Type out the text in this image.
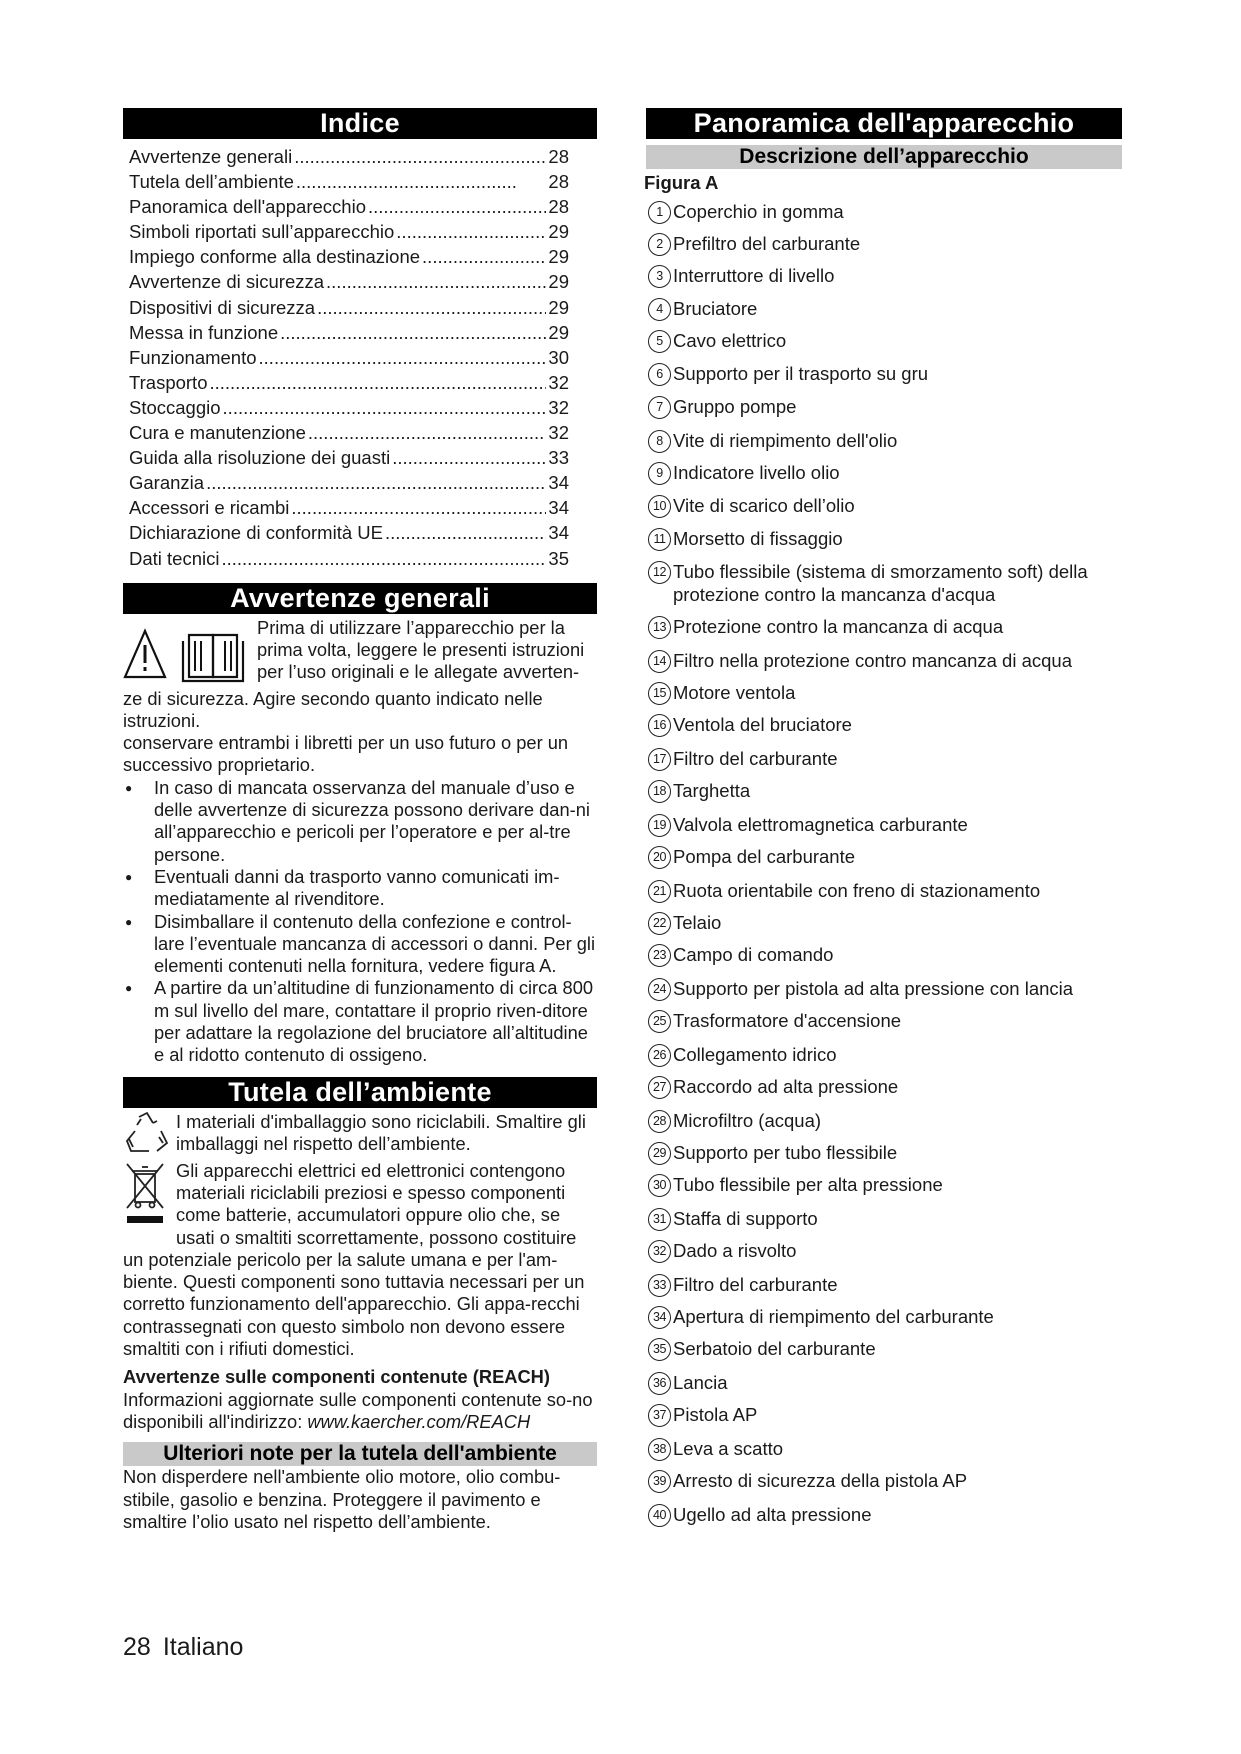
Indice
Avvertenze generali .....	28
Tutela dell’ambiente .....	28
Panoramica dell'apparecchio .....	28
Simboli riportati sull’apparecchio .....	29
Impiego conforme alla destinazione .....	29
Avvertenze di sicurezza .....	29
Dispositivi di sicurezza .....	29
Messa in funzione .....	29
Funzionamento .....	30
Trasporto .....	32
Stoccaggio .....	32
Cura e manutenzione .....	32
Guida alla risoluzione dei guasti .....	33
Garanzia .....	34
Accessori e ricambi .....	34
Dichiarazione di conformità UE .....	34
Dati tecnici .....	35
Avvertenze generali

Prima di utilizzare l’apparecchio per la

prima volta, leggere le presenti istruzioni

per l’uso originali e le allegate avverten-

ze di sicurezza. Agire secondo quanto indicato nelle istruzioni.

conservare entrambi i libretti per un uso futuro o per un successivo proprietario.

● In caso di mancata osservanza del manuale d’uso e delle avvertenze di sicurezza possono derivare dan-ni all’apparecchio e pericoli per l’operatore e per al-tre persone.
● Eventuali danni da trasporto vanno comunicati im-mediatamente al rivenditore.
● Disimballare il contenuto della confezione e control-lare l’eventuale mancanza di accessori o danni. Per gli elementi contenuti nella fornitura, vedere figura A.
● A partire da un’altitudine di funzionamento di circa 800 m sul livello del mare, contattare il proprio riven-ditore per adattare la regolazione del bruciatore all’altitudine e al ridotto contenuto di ossigeno.
Tutela dell’ambiente

I materiali d'imballaggio sono riciclabili. Smaltire gli imballaggi nel rispetto dell’ambiente.

Gli apparecchi elettrici ed elettronici contengono

materiali riciclabili preziosi e spesso componenti

come batterie, accumulatori oppure olio che, se

usati o smaltiti scorrettamente, possono costituire

un potenziale pericolo per la salute umana e per l'am-biente. Questi componenti sono tuttavia necessari per un corretto funzionamento dell'apparecchio. Gli appa-recchi contrassegnati con questo simbolo non devono essere smaltiti con i rifiuti domestici.

Avvertenze sulle componenti contenute (REACH)

Informazioni aggiornate sulle componenti contenute so-no disponibili all'indirizzo: www.kaercher.com/REACH

Ulteriori note per la tutela dell'ambiente

Non disperdere nell'ambiente olio motore, olio combu-stibile, gasolio e benzina. Proteggere il pavimento e smaltire l’olio usato nel rispetto dell’ambiente.

Panoramica dell'apparecchio
Descrizione dell’apparecchio
Figura A
1 Coperchio in gomma
2 Prefiltro del carburante
3 Interruttore di livello
4 Bruciatore
5 Cavo elettrico
6 Supporto per il trasporto su gru
7 Gruppo pompe
8 Vite di riempimento dell'olio
9 Indicatore livello olio
10 Vite di scarico dell’olio
11 Morsetto di fissaggio
12 Tubo flessibile (sistema di smorzamento soft) della protezione contro la mancanza d'acqua
13 Protezione contro la mancanza di acqua
14 Filtro nella protezione contro mancanza di acqua
15 Motore ventola
16 Ventola del bruciatore
17 Filtro del carburante
18 Targhetta
19 Valvola elettromagnetica carburante
20 Pompa del carburante
21 Ruota orientabile con freno di stazionamento
22 Telaio
23 Campo di comando
24 Supporto per pistola ad alta pressione con lancia
25 Trasformatore d'accensione
26 Collegamento idrico
27 Raccordo ad alta pressione
28 Microfiltro (acqua)
29 Supporto per tubo flessibile
30 Tubo flessibile per alta pressione
31 Staffa di supporto
32 Dado a risvolto
33 Filtro del carburante
34 Apertura di riempimento del carburante
35 Serbatoio del carburante
36 Lancia
37 Pistola AP
38 Leva a scatto
39 Arresto di sicurezza della pistola AP
40 Ugello ad alta pressione
28 Italiano
